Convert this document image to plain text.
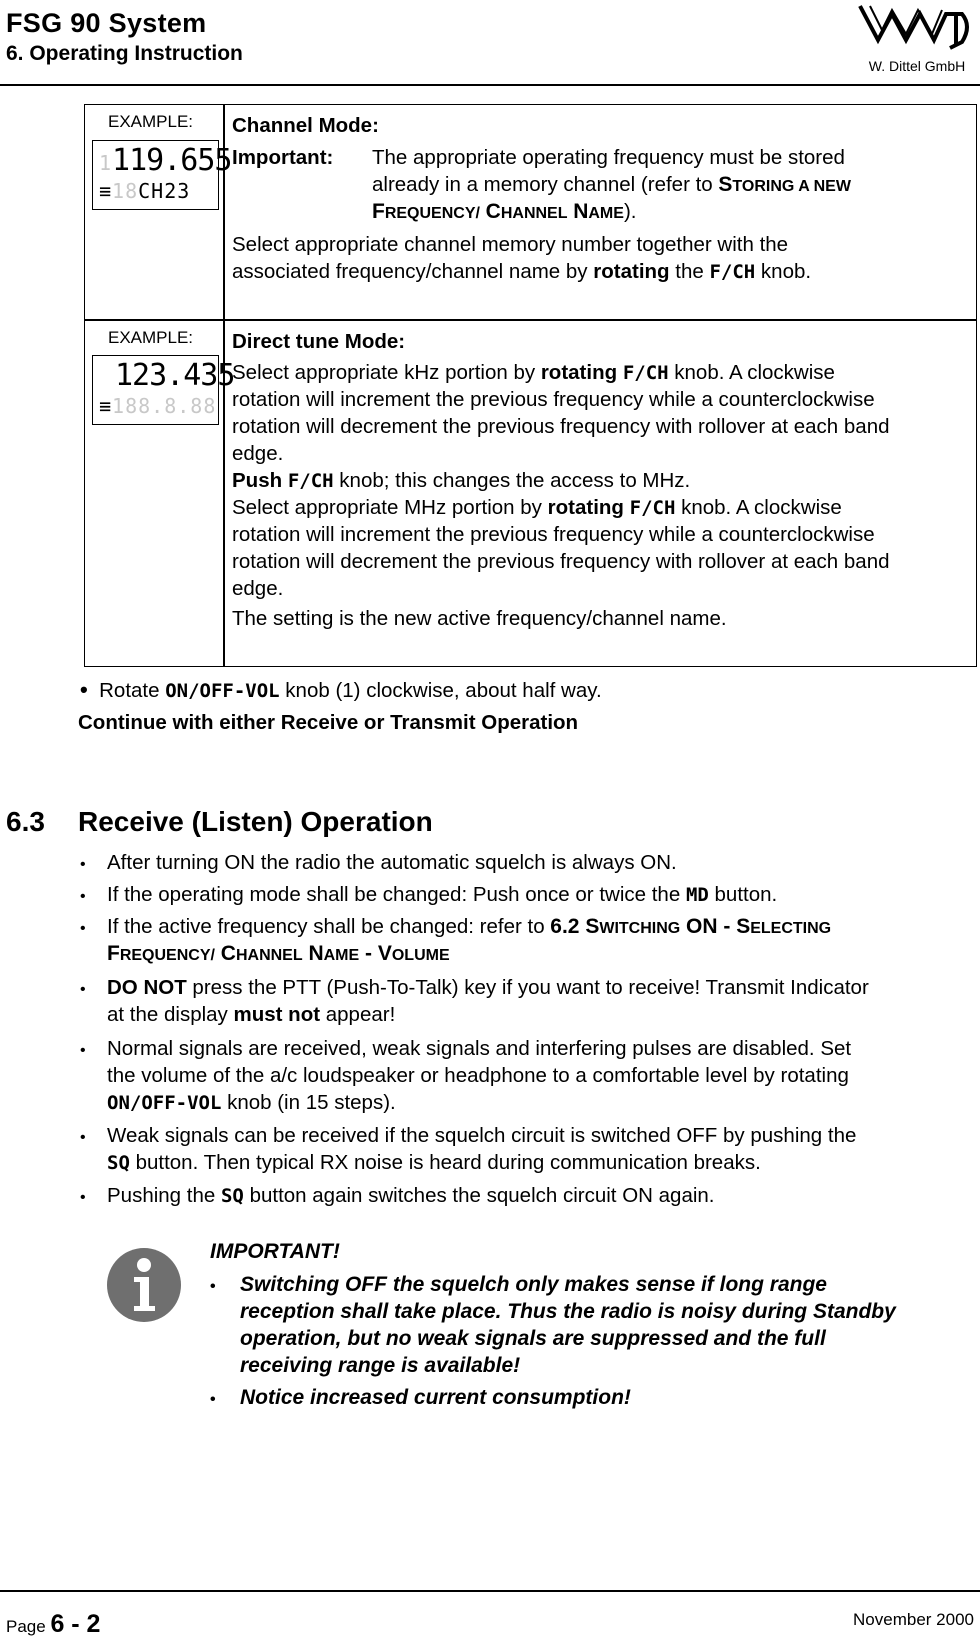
FSG 90 System
6. Operating Instruction
W. Dittel GmbH
EXAMPLE:
1119.655
≡18CH23
Channel Mode:
Important: The appropriate operating frequency must be stored
already in a memory channel (refer to STORING A NEW
FREQUENCY/ CHANNEL NAME).
Select appropriate channel memory number together with the
associated frequency/channel name by rotating the F/CH knob.
EXAMPLE:
123.435
≡188.8.88
Direct tune Mode:
Select appropriate kHz portion by rotating F/CH knob. A clockwise
rotation will increment the previous frequency while a counterclockwise
rotation will decrement the previous frequency with rollover at each band
edge.
Push F/CH knob; this changes the access to MHz.
Select appropriate MHz portion by rotating F/CH knob. A clockwise
rotation will increment the previous frequency while a counterclockwise
rotation will decrement the previous frequency with rollover at each band
edge.
The setting is the new active frequency/channel name.
• Rotate ON/OFF-VOL knob (1) clockwise, about half way.
Continue with either Receive or Transmit Operation
6.3 Receive (Listen) Operation
• After turning ON the radio the automatic squelch is always ON.
• If the operating mode shall be changed: Push once or twice the MD button.
• If the active frequency shall be changed: refer to 6.2 SWITCHING ON - SELECTING
FREQUENCY/ CHANNEL NAME - VOLUME
• DO NOT press the PTT (Push-To-Talk) key if you want to receive! Transmit Indicator
at the display must not appear!
• Normal signals are received, weak signals and interfering pulses are disabled. Set
the volume of the a/c loudspeaker or headphone to a comfortable level by rotating
ON/OFF-VOL knob (in 15 steps).
• Weak signals can be received if the squelch circuit is switched OFF by pushing the
SQ button. Then typical RX noise is heard during communication breaks.
• Pushing the SQ button again switches the squelch circuit ON again.
IMPORTANT!
• Switching OFF the squelch only makes sense if long range
reception shall take place. Thus the radio is noisy during Standby
operation, but no weak signals are suppressed and the full
receiving range is available!
• Notice increased current consumption!
Page 6 - 2	November 2000
